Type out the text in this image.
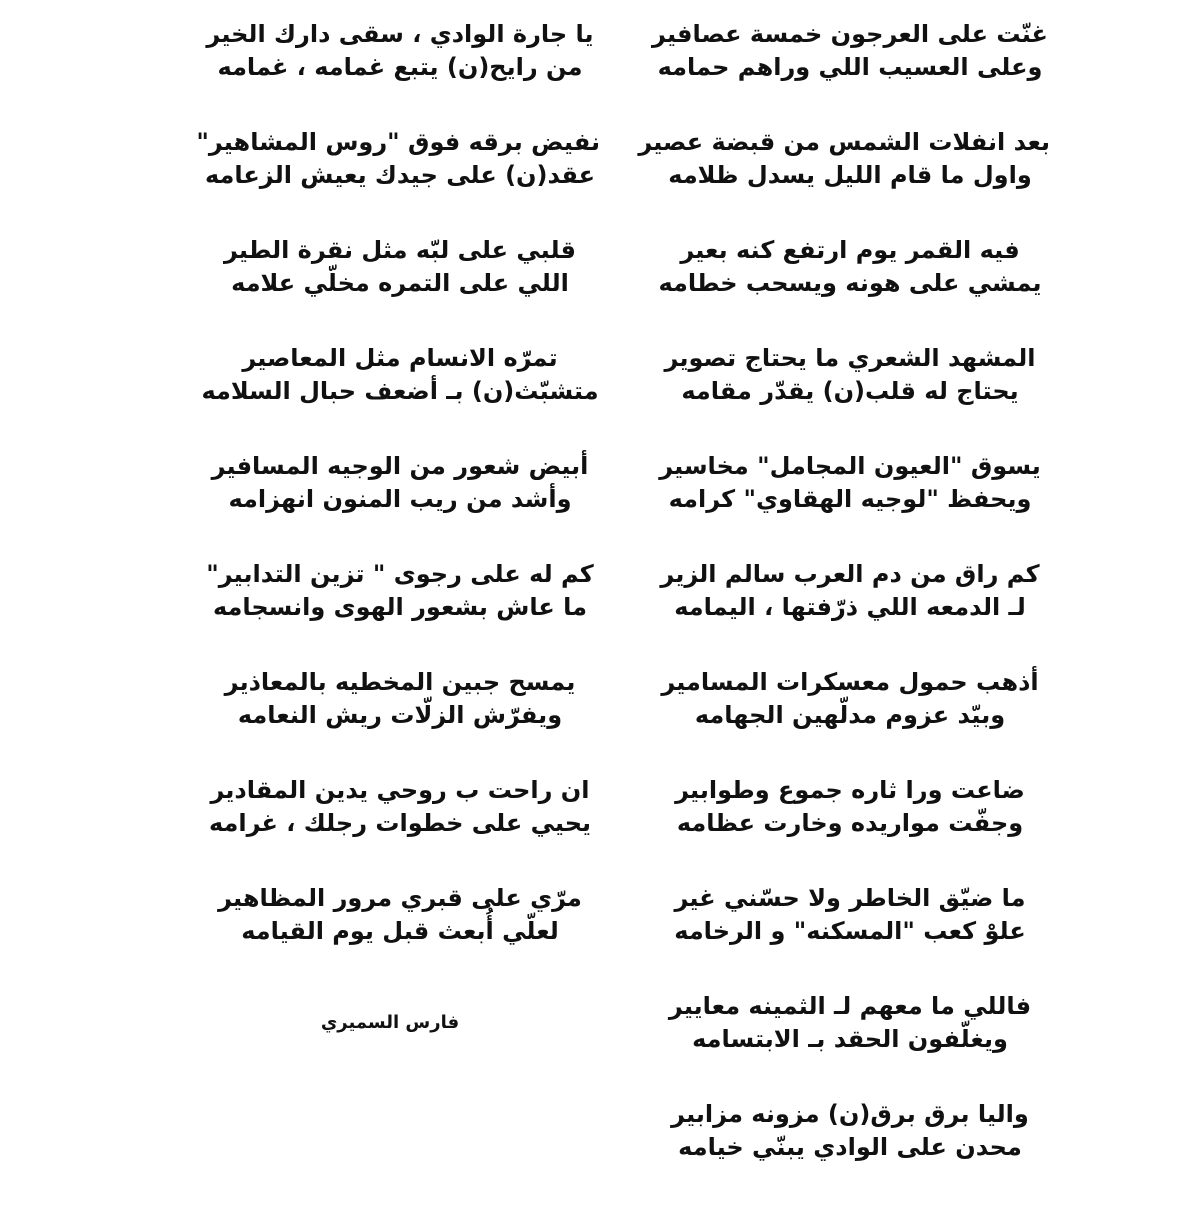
غنّت على العرجون خمسة عصافير
وعلى العسيب اللي وراهم حمامه
بعد انفلات الشمس من قبضة عصير
واول ما قام الليل يسدل ظلامه
فيه القمر يوم ارتفع كنه بعير
يمشي على هونه ويسحب خطامه
المشهد الشعري ما يحتاج تصوير
يحتاج له قلب(ن) يقدّر مقامه
يسوق "العيون المجامل" مخاسير
ويحفظ "لوجيه الهقاوي" كرامه
كم راق من دم العرب سالم الزير
لـ الدمعه اللي ذرّفتها ، اليمامه
أذهب حمول معسكرات المسامير
وبيّد عزوم مدلّهين الجهامه
ضاعت ورا ثاره جموع وطوابير
وجفّت مواريده وخارت عظامه
ما ضيّق الخاطر ولا حسّني غير
علوْ كعب "المسكنه" و الرخامه
فاللي ما معهم لـ الثمينه معايير
ويغلّفون الحقد بـ الابتسامه
واليا برق برق(ن) مزونه مزابير
محدن على الوادي يبنّي خيامه
يا جارة الوادي ، سقى دارك الخير
من رايح(ن) يتبع غمامه ، غمامه
نفيض برقه فوق "روس المشاهير"
عقد(ن) على جيدك يعيش الزعامه
قلبي على لبّه مثل نقرة الطير
اللي على التمره مخلّي علامه
تمرّه الانسام مثل المعاصير
متشبّث(ن) بـ أضعف حبال السلامه
أبيض شعور من الوجيه المسافير
وأشد من ريب المنون انهزامه
كم له على رجوى " تزين التدابير"
ما عاش بشعور الهوى وانسجامه
يمسح جبين المخطيه بالمعاذير
ويفرّش الزلّات ريش النعامه
ان راحت ب روحي يدين المقادير
يحيي على خطوات رجلك ، غرامه
مرّي على قبري مرور المظاهير
لعلّي أُبعث قبل يوم القيامه
فارس السميري
